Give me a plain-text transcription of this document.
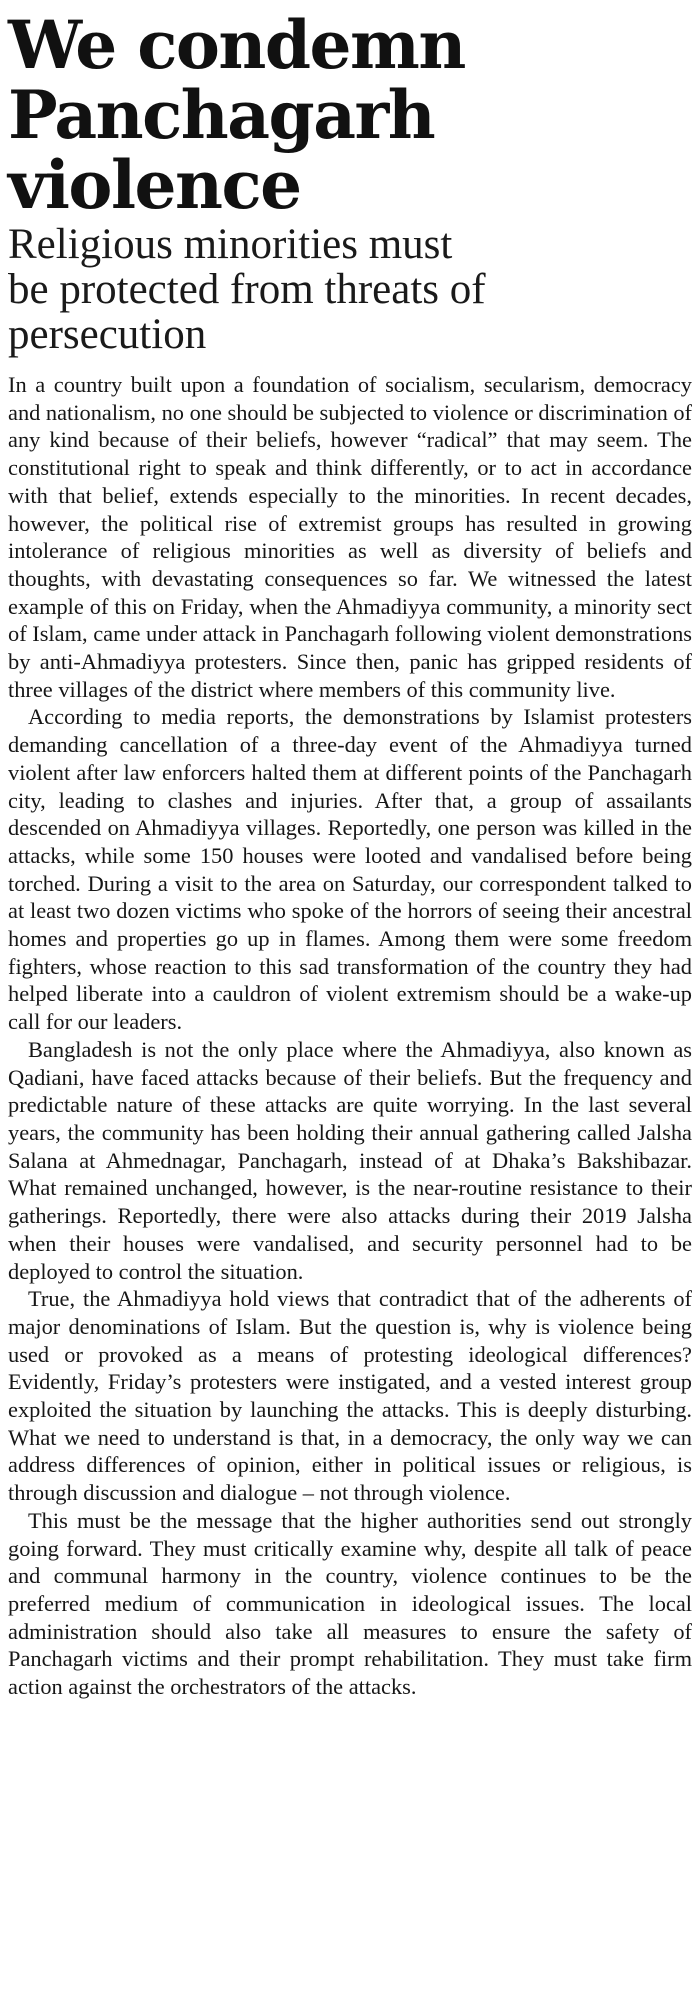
We condemn
Panchagarh
violence
Religious minorities must
be protected from threats of
persecution

In a country built upon a foundation of socialism, secularism, democracy and nationalism, no one should be subjected to violence or discrimination of any kind because of their beliefs, however “radical” that may seem. The constitutional right to speak and think differently, or to act in accordance with that belief, extends especially to the minorities. In recent decades, however, the political rise of extremist groups has resulted in growing intolerance of religious minorities as well as diversity of beliefs and thoughts, with devastating consequences so far. We witnessed the latest example of this on Friday, when the Ahmadiyya community, a minority sect of Islam, came under attack in Panchagarh following violent demonstrations by anti-Ahmadiyya protesters. Since then, panic has gripped residents of three villages of the district where members of this community live.

According to media reports, the demonstrations by Islamist protesters demanding cancellation of a three-day event of the Ahmadiyya turned violent after law enforcers halted them at different points of the Panchagarh city, leading to clashes and injuries. After that, a group of assailants descended on Ahmadiyya villages. Reportedly, one person was killed in the attacks, while some 150 houses were looted and vandalised before being torched. During a visit to the area on Saturday, our correspondent talked to at least two dozen victims who spoke of the horrors of seeing their ancestral homes and properties go up in flames. Among them were some freedom fighters, whose reaction to this sad transformation of the country they had helped liberate into a cauldron of violent extremism should be a wake-up call for our leaders.

Bangladesh is not the only place where the Ahmadiyya, also known as Qadiani, have faced attacks because of their beliefs. But the frequency and predictable nature of these attacks are quite worrying. In the last several years, the community has been holding their annual gathering called Jalsha Salana at Ahmednagar, Panchagarh, instead of at Dhaka’s Bakshibazar. What remained unchanged, however, is the near-routine resistance to their gatherings. Reportedly, there were also attacks during their 2019 Jalsha when their houses were vandalised, and security personnel had to be deployed to control the situation.

True, the Ahmadiyya hold views that contradict that of the adherents of major denominations of Islam. But the question is, why is violence being used or provoked as a means of protesting ideological differences? Evidently, Friday’s protesters were instigated, and a vested interest group exploited the situation by launching the attacks. This is deeply disturbing. What we need to understand is that, in a democracy, the only way we can address differences of opinion, either in political issues or religious, is through discussion and dialogue – not through violence.

This must be the message that the higher authorities send out strongly going forward. They must critically examine why, despite all talk of peace and communal harmony in the country, violence continues to be the preferred medium of communication in ideological issues. The local administration should also take all measures to ensure the safety of Panchagarh victims and their prompt rehabilitation. They must take firm action against the orchestrators of the attacks.
